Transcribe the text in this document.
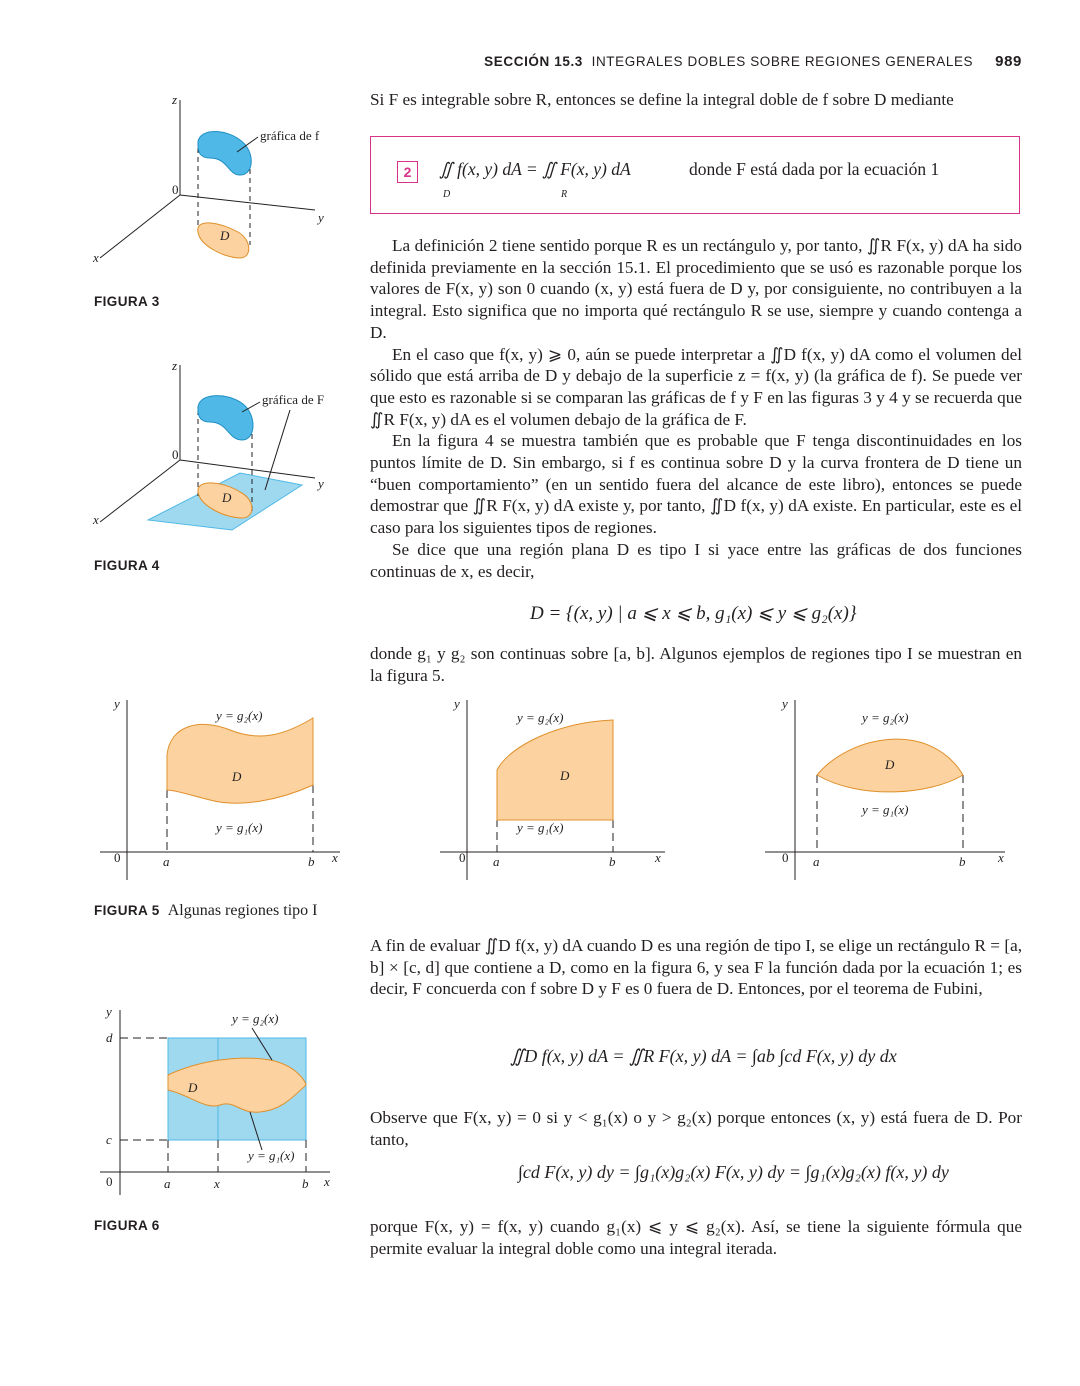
SECCIÓN 15.3 INTEGRALES DOBLES SOBRE REGIONES GENERALES 989
Si F es integrable sobre R, entonces se define la integral doble de f sobre D mediante
2	∬ f(x, y) dA = ∬ F(x, y) dA
D	R
donde F está dada por la ecuación 1

La definición 2 tiene sentido porque R es un rectángulo y, por tanto, ∬R F(x, y) dA ha sido definida previamente en la sección 15.1. El procedimiento que se usó es razonable porque los valores de F(x, y) son 0 cuando (x, y) está fuera de D y, por consiguiente, no contribuyen a la integral. Esto significa que no importa qué rectángulo R se use, siempre y cuando contenga a D.

En el caso que f(x, y) ⩾ 0, aún se puede interpretar a ∬D f(x, y) dA como el volumen del sólido que está arriba de D y debajo de la superficie z = f(x, y) (la gráfica de f). Se puede ver que esto es razonable si se comparan las gráficas de f y F en las figuras 3 y 4 y se recuerda que ∬R F(x, y) dA es el volumen debajo de la gráfica de F.

En la figura 4 se muestra también que es probable que F tenga discontinuidades en los puntos límite de D. Sin embargo, si f es continua sobre D y la curva frontera de D tiene un “buen comportamiento” (en un sentido fuera del alcance de este libro), entonces se puede demostrar que ∬R F(x, y) dA existe y, por tanto, ∬D f(x, y) dA existe. En particular, este es el caso para los siguientes tipos de regiones.

Se dice que una región plana D es tipo I si yace entre las gráficas de dos funciones continuas de x, es decir,

D = {(x, y) | a ⩽ x ⩽ b, g₁(x) ⩽ y ⩽ g₂(x)}
donde g₁ y g₂ son continuas sobre [a, b]. Algunos ejemplos de regiones tipo I se muestran en la figura 5.
A fin de evaluar ∬D f(x, y) dA cuando D es una región de tipo I, se elige un rectángulo R = [a, b] × [c, d] que contiene a D, como en la figura 6, y sea F la función dada por la ecuación 1; es decir, F concuerda con f sobre D y F es 0 fuera de D. Entonces, por el teorema de Fubini,
∬D f(x, y) dA = ∬R F(x, y) dA = ∫ab ∫cd F(x, y) dy dx
Observe que F(x, y) = 0 si y < g₁(x) o y > g₂(x) porque entonces (x, y) está fuera de D. Por tanto,
∫cd F(x, y) dy = ∫g₁(x)g₂(x) F(x, y) dy = ∫g₁(x)g₂(x) f(x, y) dy
porque F(x, y) = f(x, y) cuando g₁(x) ⩽ y ⩽ g₂(x). Así, se tiene la siguiente fórmula que permite evaluar la integral doble como una integral iterada.
gráfica de f
z
y
x
0
D
FIGURA 3
gráfica de F
z
y
x
0
D
FIGURA 4
y	y	y
y = g₂(x)
y = g₁(x)
D
y = g₂(x)
y = g₁(x)
D
y = g₂(x)
y = g₁(x)
D
a	b x	a	b	x	a	b	x
0	0	0
FIGURA 5 Algunas regiones tipo I
y
d
c
y = g₂(x)
y = g₁(x)
D
a	x	b x
0
FIGURA 6
